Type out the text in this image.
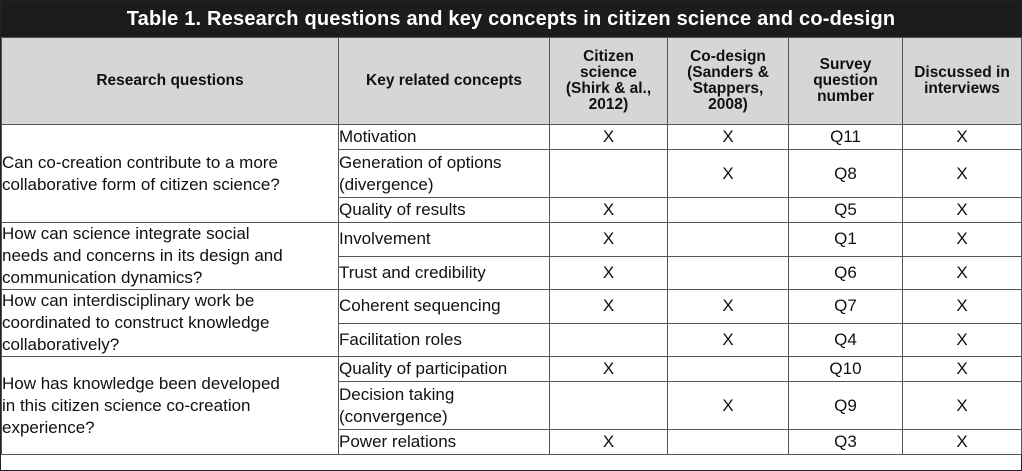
Table 1. Research questions and key concepts in citizen science and co-design
Research questions	Key related concepts	Citizen
science
(Shirk & al.,
2012)	Co-design
(Sanders &
Stappers,
2008)	Survey
question
number	Discussed in
interviews

Can co-creation contribute to a more
collaborative form of citizen science?	Motivation	X	X	Q11	X

	Generation of options
(divergence)		X	Q8	X

	Quality of results	X		Q5	X

How can science integrate social
needs and concerns in its design and
communication dynamics?	Involvement	X		Q1	X

	Trust and credibility	X		Q6	X

How can interdisciplinary work be
coordinated to construct knowledge
collaboratively?	Coherent sequencing	X	X	Q7	X

	Facilitation roles		X	Q4	X

How has knowledge been developed
in this citizen science co-creation
experience?	Quality of participation	X		Q10	X

	Decision taking
(convergence)		X	Q9	X

	Power relations	X		Q3	X
